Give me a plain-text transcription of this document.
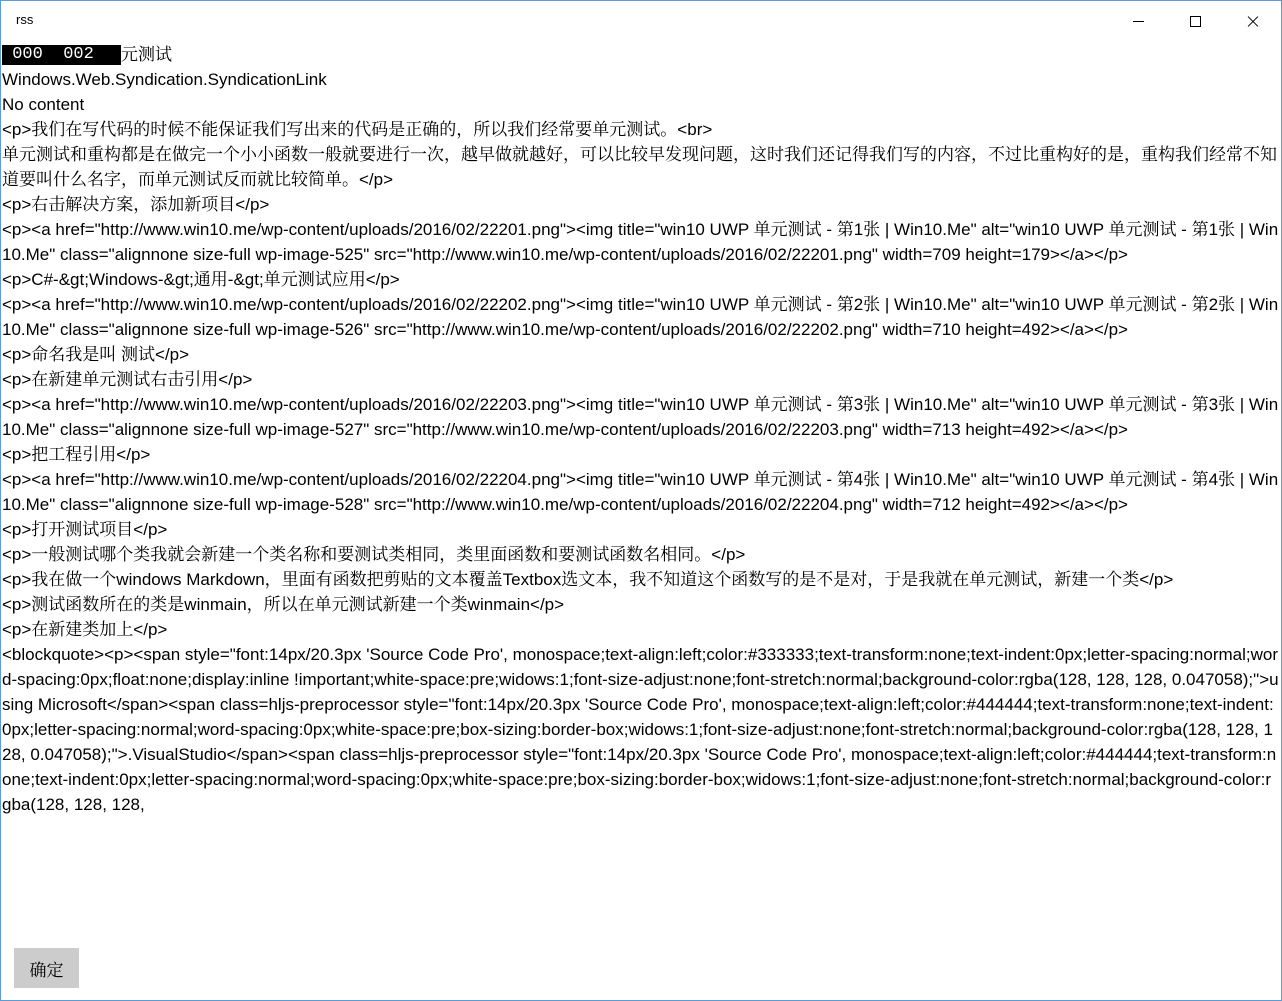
rss
000  002	元测试
Windows.Web.Syndication.SyndicationLink
No content
<p>我们在写代码的时候不能保证我们写出来的代码是正确的，所以我们经常要单元测试。<br>
单元测试和重构都是在做完一个小小函数一般就要进行一次，越早做就越好，可以比较早发现问题，这时我们还记得我们写的内容，不过比重构好的是，重构我们经常不知道要叫什么名字，而单元测试反而就比较简单。</p>
<p>右击解决方案，添加新项目</p>
<p><a href="http://www.win10.me/wp-content/uploads/2016/02/22201.png"><img title="win10 UWP 单元测试 - 第1张 | Win10.Me" alt="win10 UWP 单元测试 - 第1张 | Win10.Me" class="alignnone size-full wp-image-525" src="http://www.win10.me/wp-content/uploads/2016/02/22201.png" width=709 height=179></a></p>
<p>C#-&gt;Windows-&gt;通用-&gt;单元测试应用</p>
<p><a href="http://www.win10.me/wp-content/uploads/2016/02/22202.png"><img title="win10 UWP 单元测试 - 第2张 | Win10.Me" alt="win10 UWP 单元测试 - 第2张 | Win10.Me" class="alignnone size-full wp-image-526" src="http://www.win10.me/wp-content/uploads/2016/02/22202.png" width=710 height=492></a></p>
<p>命名我是叫 测试</p>
<p>在新建单元测试右击引用</p>
<p><a href="http://www.win10.me/wp-content/uploads/2016/02/22203.png"><img title="win10 UWP 单元测试 - 第3张 | Win10.Me" alt="win10 UWP 单元测试 - 第3张 | Win10.Me" class="alignnone size-full wp-image-527" src="http://www.win10.me/wp-content/uploads/2016/02/22203.png" width=713 height=492></a></p>
<p>把工程引用</p>
<p><a href="http://www.win10.me/wp-content/uploads/2016/02/22204.png"><img title="win10 UWP 单元测试 - 第4张 | Win10.Me" alt="win10 UWP 单元测试 - 第4张 | Win10.Me" class="alignnone size-full wp-image-528" src="http://www.win10.me/wp-content/uploads/2016/02/22204.png" width=712 height=492></a></p>
<p>打开测试项目</p>
<p>一般测试哪个类我就会新建一个类名称和要测试类相同，类里面函数和要测试函数名相同。</p>
<p>我在做一个windows Markdown，里面有函数把剪贴的文本覆盖Textbox选文本，我不知道这个函数写的是不是对，于是我就在单元测试，新建一个类</p>
<p>测试函数所在的类是winmain，所以在单元测试新建一个类winmain</p>
<p>在新建类加上</p>
<blockquote><p><span style="font:14px/20.3px 'Source Code Pro', monospace;text-align:left;color:#333333;text-transform:none;text-indent:0px;letter-spacing:normal;word-spacing:0px;float:none;display:inline !important;white-space:pre;widows:1;font-size-adjust:none;font-stretch:normal;background-color:rgba(128, 128, 128, 0.047058);">using Microsoft</span><span class=hljs-preprocessor style="font:14px/20.3px 'Source Code Pro', monospace;text-align:left;color:#444444;text-transform:none;text-indent:0px;letter-spacing:normal;word-spacing:0px;white-space:pre;box-sizing:border-box;widows:1;font-size-adjust:none;font-stretch:normal;background-color:rgba(128, 128, 128, 0.047058);">.VisualStudio</span><span class=hljs-preprocessor style="font:14px/20.3px 'Source Code Pro', monospace;text-align:left;color:#444444;text-transform:none;text-indent:0px;letter-spacing:normal;word-spacing:0px;white-space:pre;box-sizing:border-box;widows:1;font-size-adjust:none;font-stretch:normal;background-color:rgba(128, 128, 128,
确定
